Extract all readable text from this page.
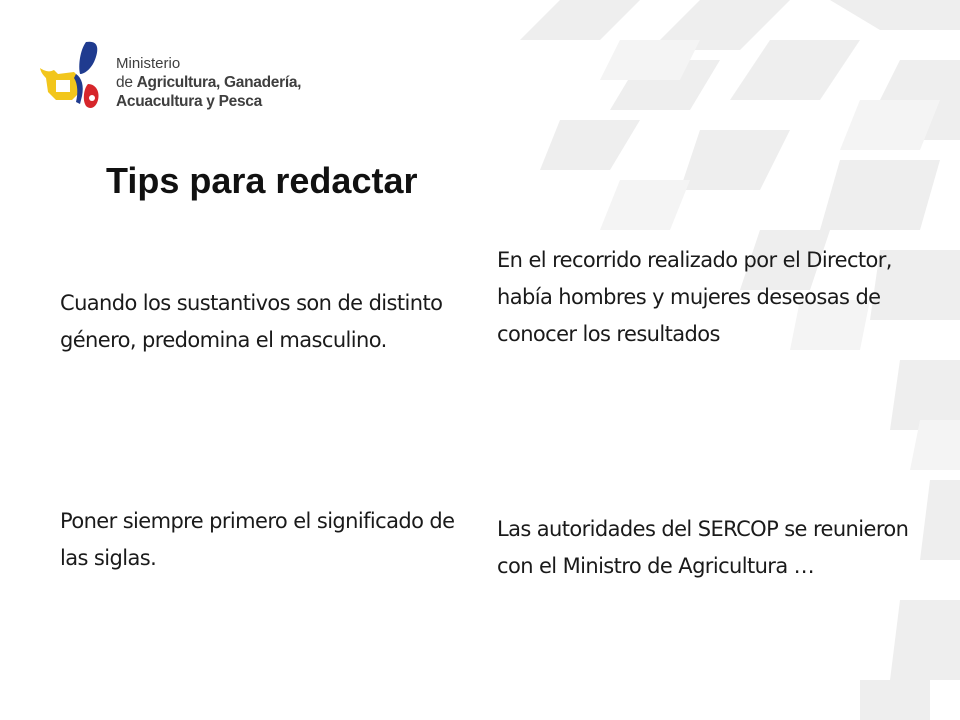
Ministerio
de Agricultura, Ganadería,
Acuacultura y Pesca
Tips para redactar

Cuando los sustantivos son de distinto género, predomina el masculino.

Poner siempre primero el significado de las siglas.

En el recorrido realizado por el Director, había hombres y mujeres deseosas de conocer los resultados

Las autoridades del SERCOP se reunieron con el Ministro de Agricultura …
